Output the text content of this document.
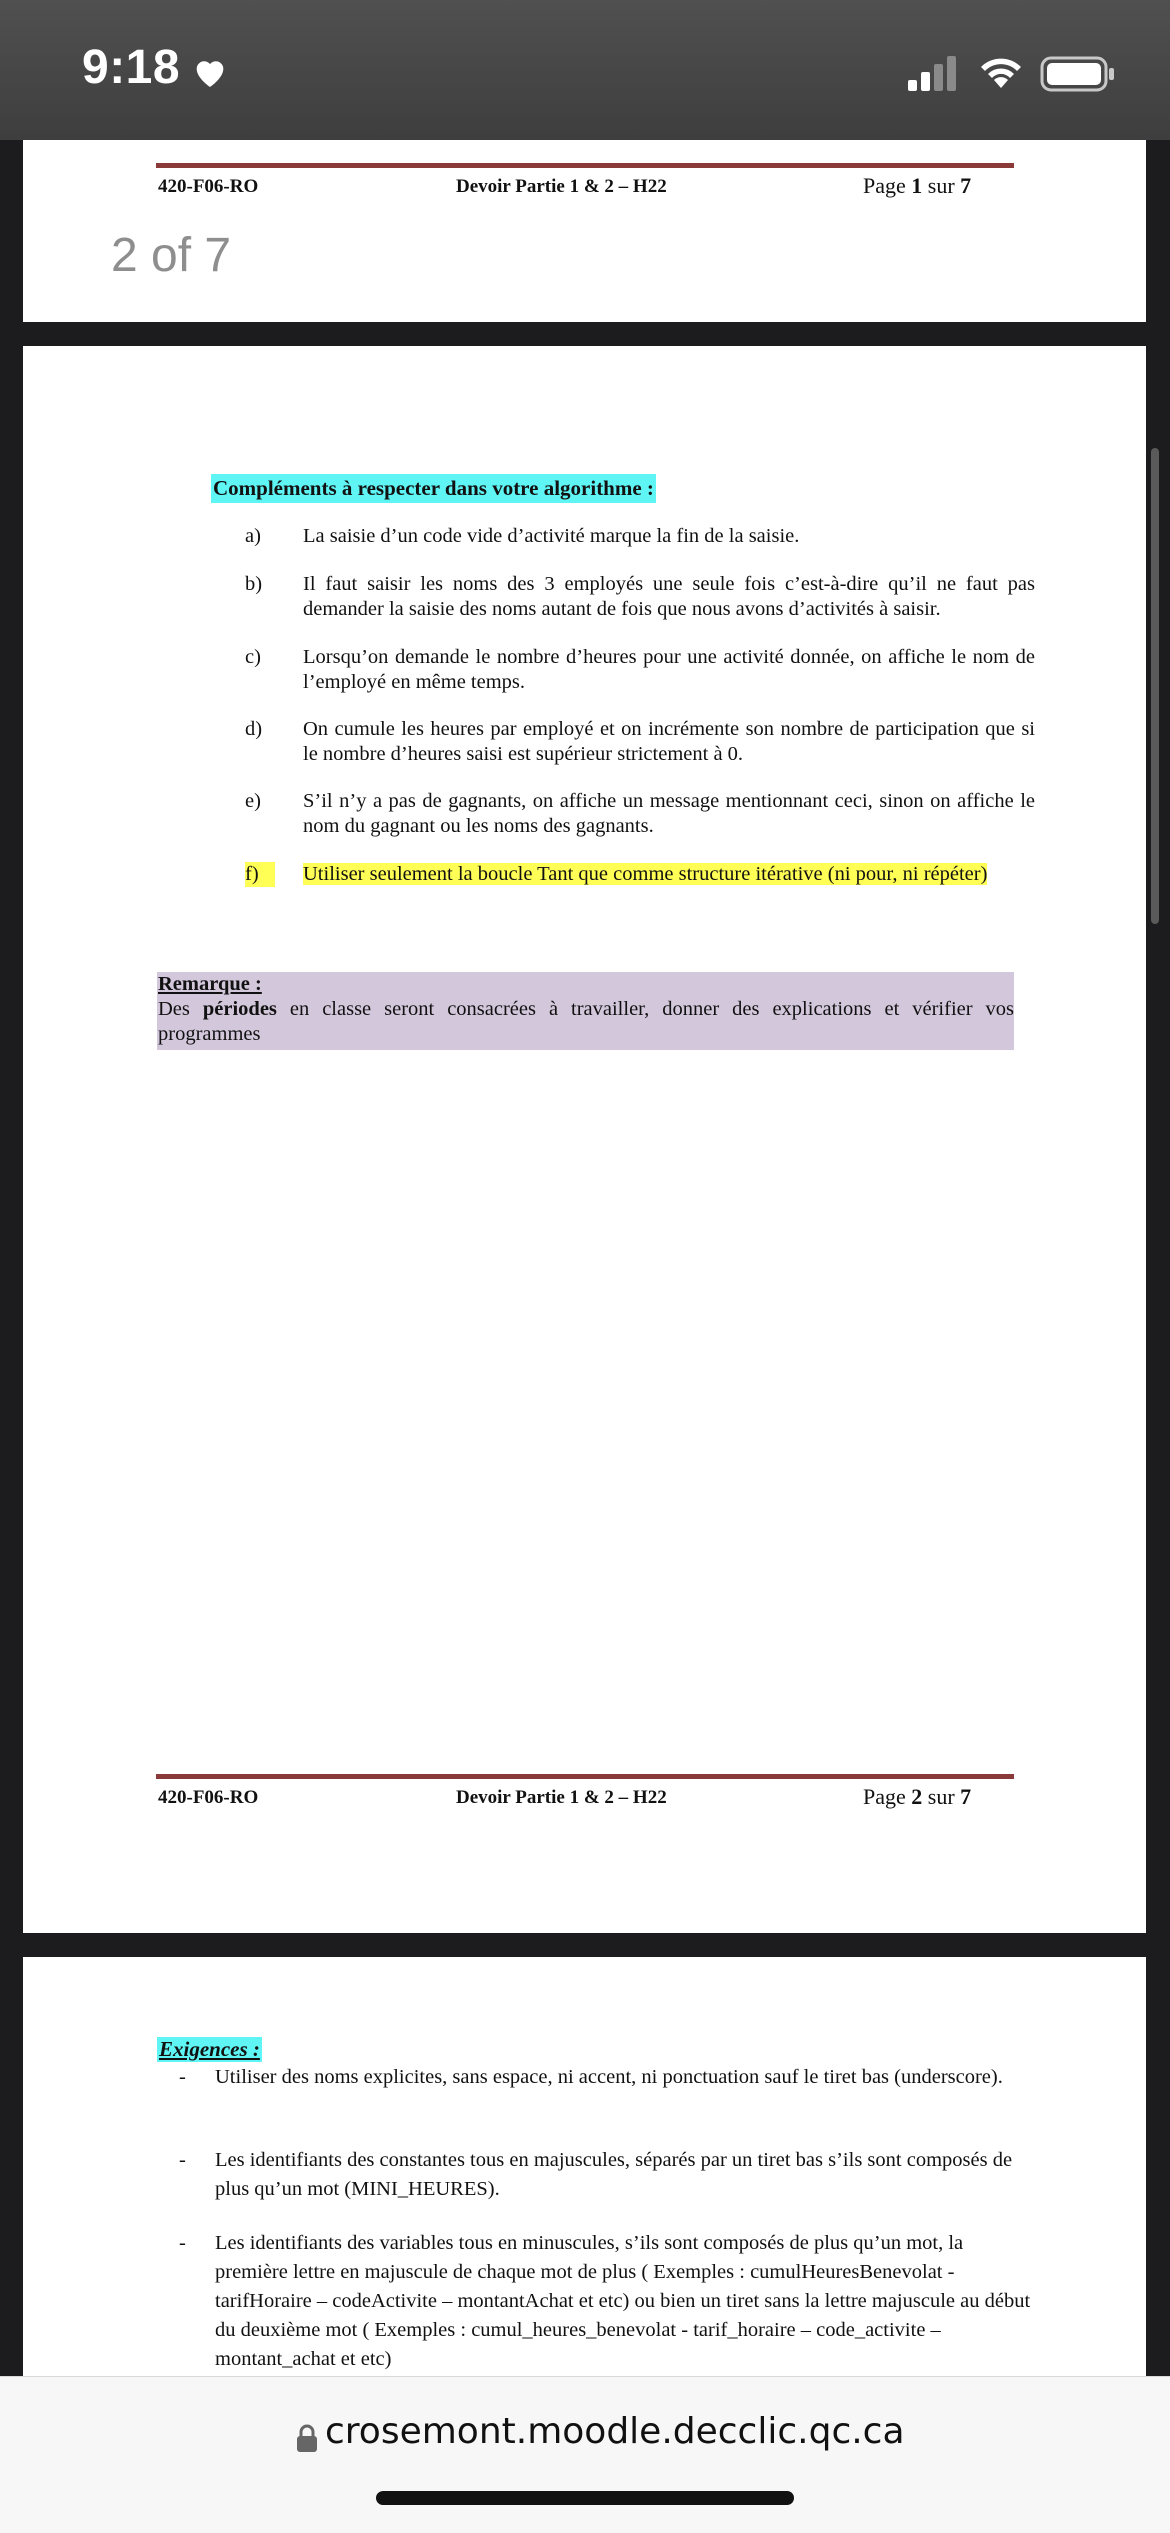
9:18
420-F06-RO	Devoir Partie 1 & 2 – H22	Page 1 sur 7
2 of 7
Compléments à respecter dans votre algorithme :
a)	La saisie d’un code vide d’activité marque la fin de la saisie.
b)	Il faut saisir les noms des 3 employés une seule fois c’est-à-dire qu’il ne faut pas demander la saisie des noms autant de fois que nous avons d’activités à saisir.
c)	Lorsqu’on demande le nombre d’heures pour une activité donnée, on affiche le nom de l’employé en même temps.
d)	On cumule les heures par employé et on incrémente son nombre de participation que si le nombre d’heures saisi est supérieur strictement à 0.
e)	S’il n’y a pas de gagnants, on affiche un message mentionnant ceci, sinon on affiche le nom du gagnant ou les noms des gagnants.
f)	Utiliser seulement la boucle Tant que comme structure itérative (ni pour, ni répéter)
Remarque :
Des périodes en classe seront consacrées à travailler, donner des explications et vérifier vos programmes
420-F06-RO	Devoir Partie 1 & 2 – H22	Page 2 sur 7
Exigences :
- Utiliser des noms explicites, sans espace, ni accent, ni ponctuation sauf le tiret bas (underscore).
- Les identifiants des constantes tous en majuscules, séparés par un tiret bas s’ils sont composés de plus qu’un mot (MINI_HEURES).
- Les identifiants des variables tous en minuscules, s’ils sont composés de plus qu’un mot, la première lettre en majuscule de chaque mot de plus ( Exemples : cumulHeuresBenevolat - tarifHoraire – codeActivite – montantAchat et etc) ou bien un tiret sans la lettre majuscule au début du deuxième mot ( Exemples : cumul_heures_benevolat - tarif_horaire – code_activite – montant_achat et etc)
crosemont.moodle.decclic.qc.ca
